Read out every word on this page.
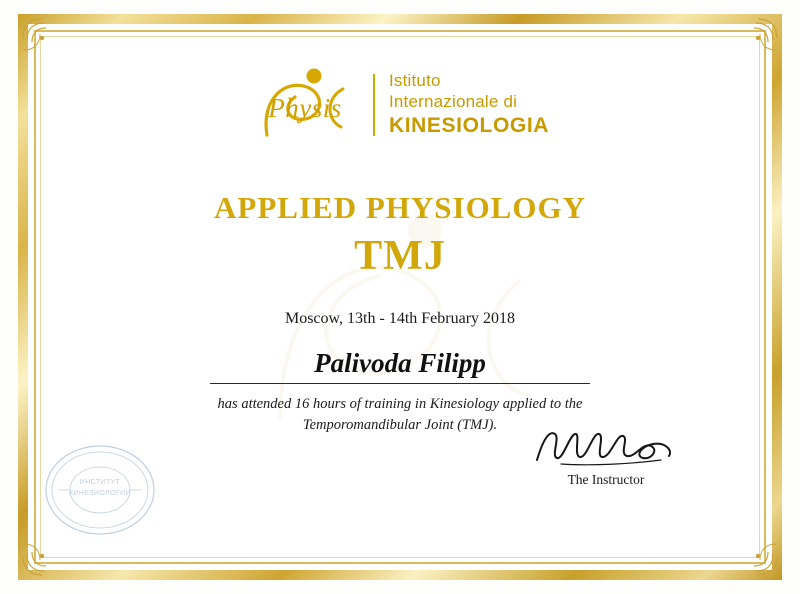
Physis
Istituto
Internazionale di
KINESIOLOGIA
APPLIED PHYSIOLOGY
TMJ
Moscow, 13th - 14th February 2018
Palivoda Filipp
has attended 16 hours of training in Kinesiology applied to the
Temporomandibular Joint (TMJ).
The Instructor
ИНСТИТУТ
КИНЕЗИОЛОГИИ
